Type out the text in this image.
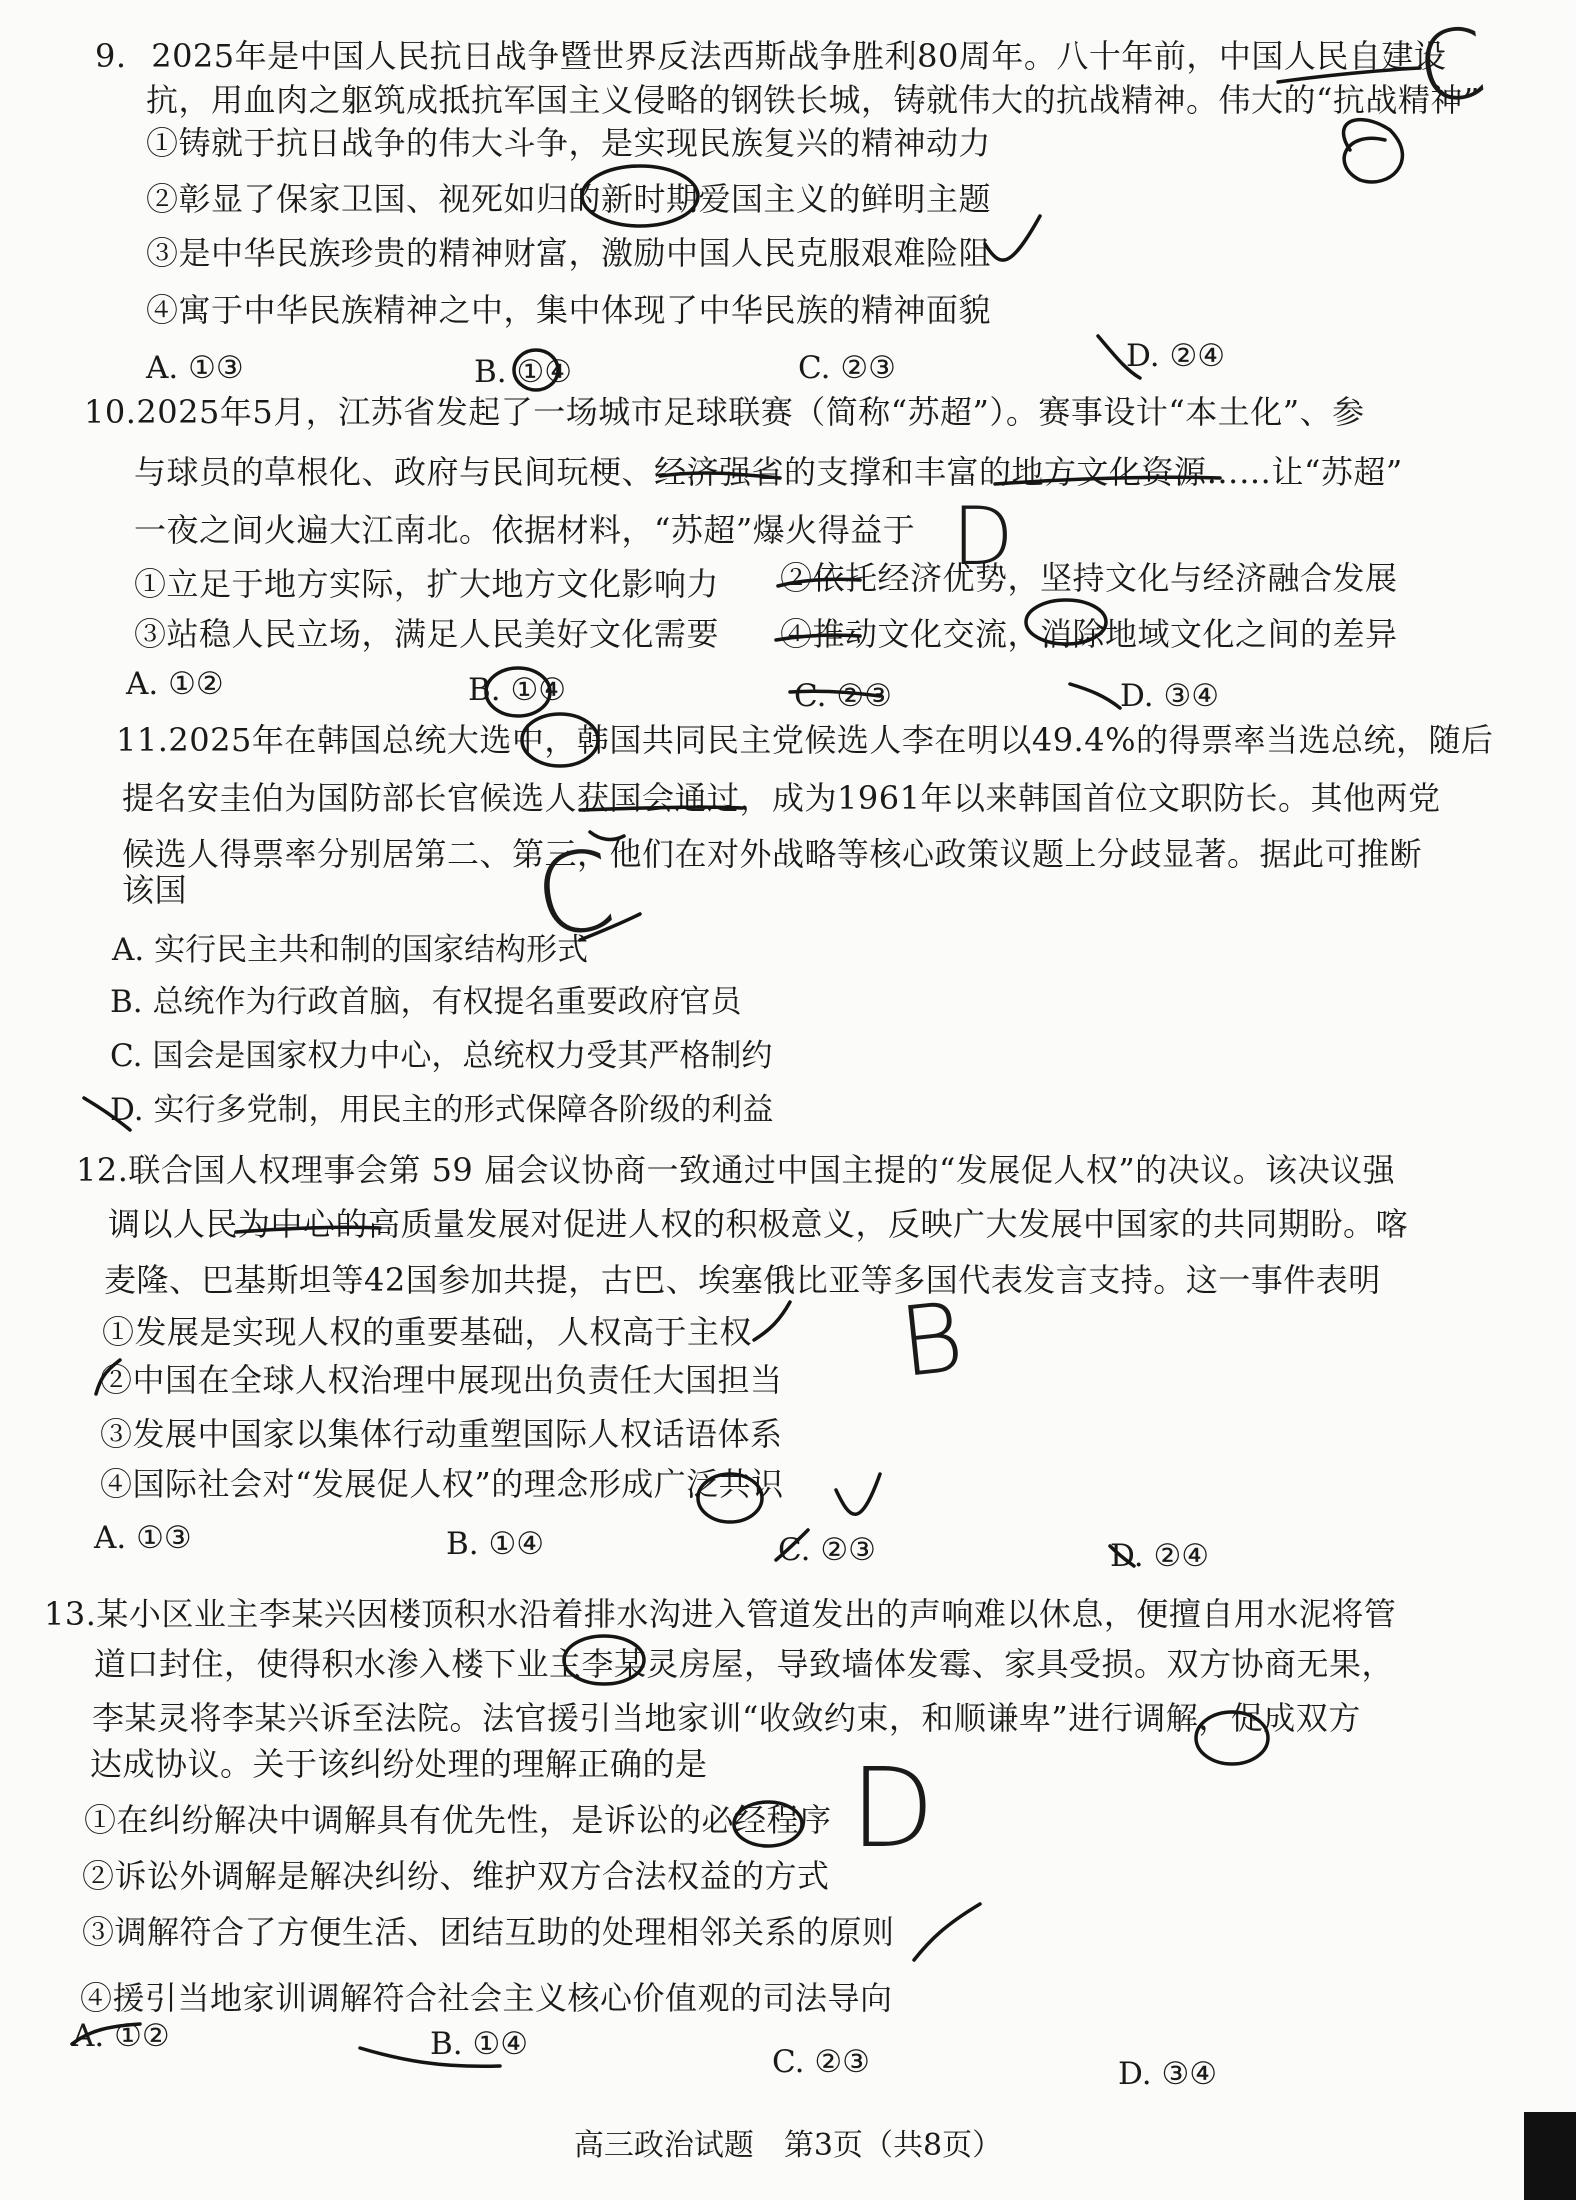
9. 2025年是中国人民抗日战争暨世界反法西斯战争胜利80周年。八十年前，中国人民自建设
抗，用血肉之躯筑成抵抗军国主义侵略的钢铁长城，铸就伟大的抗战精神。伟大的“抗战精神”
①铸就于抗日战争的伟大斗争，是实现民族复兴的精神动力
②彰显了保家卫国、视死如归的新时期爱国主义的鲜明主题
③是中华民族珍贵的精神财富，激励中国人民克服艰难险阻
④寓于中华民族精神之中，集中体现了中华民族的精神面貌
A. ①③	B. ①④	C. ②③	D. ②④
10.2025年5月，江苏省发起了一场城市足球联赛（简称“苏超”）。赛事设计“本土化”、参
与球员的草根化、政府与民间玩梗、经济强省的支撑和丰富的地方文化资源……让“苏超”
一夜之间火遍大江南北。依据材料，“苏超”爆火得益于
①立足于地方实际，扩大地方文化影响力 ②依托经济优势，坚持文化与经济融合发展
③站稳人民立场，满足人民美好文化需要 ④推动文化交流，消除地域文化之间的差异
A. ①②	B. ①④	C. ②③	D. ③④
11.2025年在韩国总统大选中，韩国共同民主党候选人李在明以49.4%的得票率当选总统，随后
提名安圭伯为国防部长官候选人获国会通过，成为1961年以来韩国首位文职防长。其他两党
候选人得票率分别居第二、第三，他们在对外战略等核心政策议题上分歧显著。据此可推断
该国
A. 实行民主共和制的国家结构形式
B. 总统作为行政首脑，有权提名重要政府官员
C. 国会是国家权力中心，总统权力受其严格制约
D. 实行多党制，用民主的形式保障各阶级的利益
12.联合国人权理事会第 59 届会议协商一致通过中国主提的“发展促人权”的决议。该决议强
调以人民为中心的高质量发展对促进人权的积极意义，反映广大发展中国家的共同期盼。喀
麦隆、巴基斯坦等42国参加共提，古巴、埃塞俄比亚等多国代表发言支持。这一事件表明
①发展是实现人权的重要基础，人权高于主权
②中国在全球人权治理中展现出负责任大国担当
③发展中国家以集体行动重塑国际人权话语体系
④国际社会对“发展促人权”的理念形成广泛共识
A. ①③	B. ①④	C. ②③	D. ②④
13.某小区业主李某兴因楼顶积水沿着排水沟进入管道发出的声响难以休息，便擅自用水泥将管
道口封住，使得积水渗入楼下业主李某灵房屋，导致墙体发霉、家具受损。双方协商无果，
李某灵将李某兴诉至法院。法官援引当地家训“收敛约束，和顺谦卑”进行调解，促成双方
达成协议。关于该纠纷处理的理解正确的是
①在纠纷解决中调解具有优先性，是诉讼的必经程序
②诉讼外调解是解决纠纷、维护双方合法权益的方式
③调解符合了方便生活、团结互助的处理相邻关系的原则
④援引当地家训调解符合社会主义核心价值观的司法导向
A. ①②	B. ①④	C. ②③	D. ③④
C
D
C
B
D
高三政治试题　第3页（共8页）
